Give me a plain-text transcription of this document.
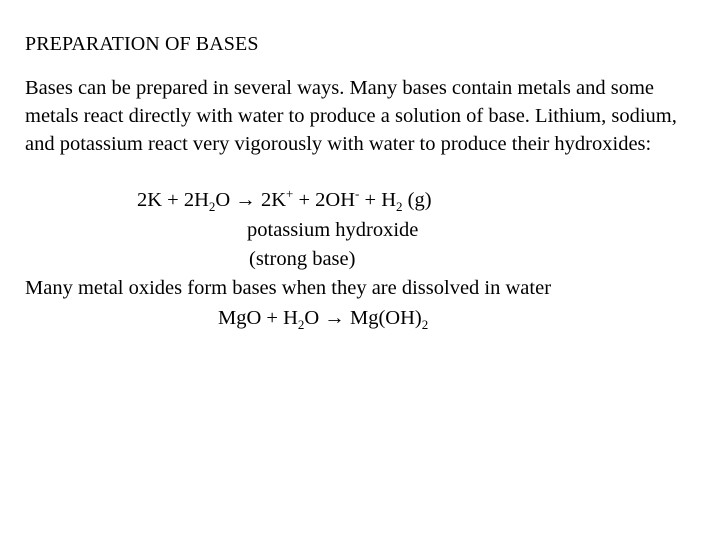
PREPARATION OF BASES
Bases can be prepared in several ways. Many bases contain metals and some metals react directly with water to produce a solution of base. Lithium, sodium, and potassium react very vigorously with water to produce their hydroxides:
$2K + 2H_2O \to 2K^+ + 2OH^- + H_2$ (g)
potassium hydroxide
(strong base)
Many metal oxides form bases when they are dissolved in water
MgO + $H_2O \to Mg(OH)_2$
